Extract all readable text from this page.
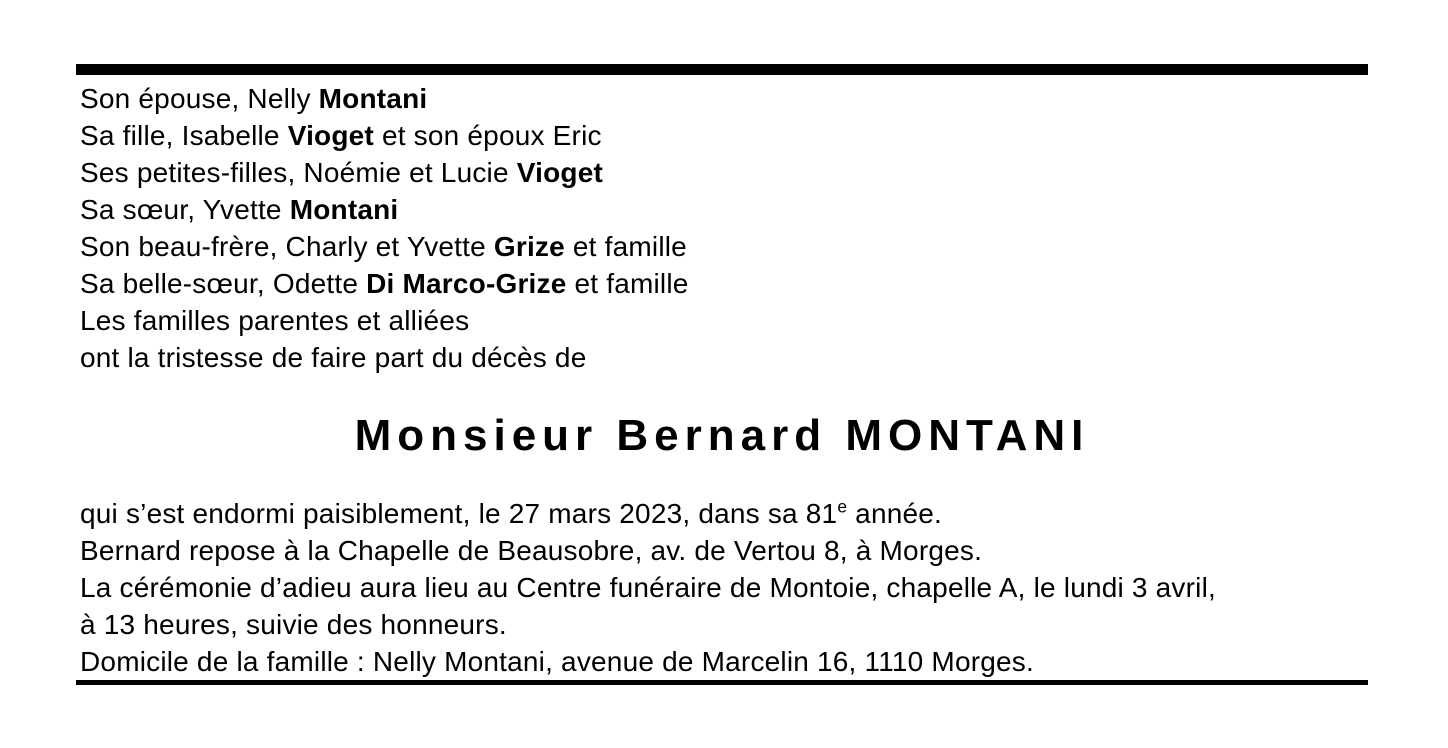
Son épouse, Nelly Montani
Sa fille, Isabelle Vioget et son époux Eric
Ses petites-filles, Noémie et Lucie Vioget
Sa sœur, Yvette Montani
Son beau-frère, Charly et Yvette Grize et famille
Sa belle-sœur, Odette Di Marco-Grize et famille
Les familles parentes et alliées
ont la tristesse de faire part du décès de
Monsieur Bernard MONTANI
qui s’est endormi paisiblement, le 27 mars 2023, dans sa 81e année.
Bernard repose à la Chapelle de Beausobre, av. de Vertou 8, à Morges.
La cérémonie d’adieu aura lieu au Centre funéraire de Montoie, chapelle A, le lundi 3 avril,
à 13 heures, suivie des honneurs.
Domicile de la famille : Nelly Montani, avenue de Marcelin 16, 1110 Morges.
